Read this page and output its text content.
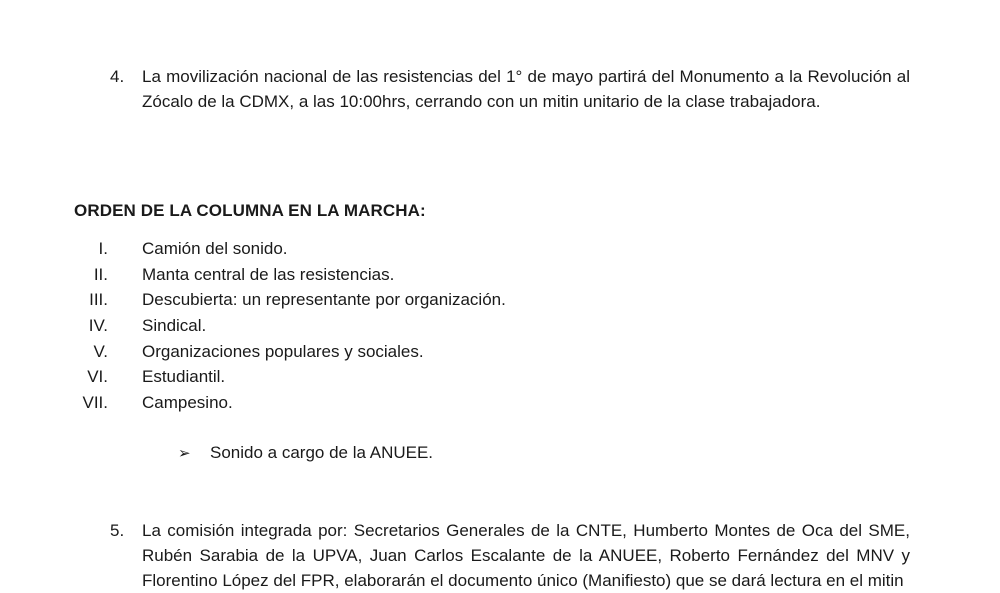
4. La movilización nacional de las resistencias del 1° de mayo partirá del Monumento a la Revolución al Zócalo de la CDMX, a las 10:00hrs, cerrando con un mitin unitario de la clase trabajadora.
ORDEN DE LA COLUMNA EN LA MARCHA:
I. Camión del sonido.
II. Manta central de las resistencias.
III. Descubierta: un representante por organización.
IV. Sindical.
V. Organizaciones populares y sociales.
VI. Estudiantil.
VII. Campesino.
➢ Sonido a cargo de la ANUEE.
5. La comisión integrada por: Secretarios Generales de la CNTE, Humberto Montes de Oca del SME, Rubén Sarabia de la UPVA, Juan Carlos Escalante de la ANUEE, Roberto Fernández del MNV y Florentino López del FPR, elaborarán el documento único (Manifiesto) que se dará lectura en el mitin
